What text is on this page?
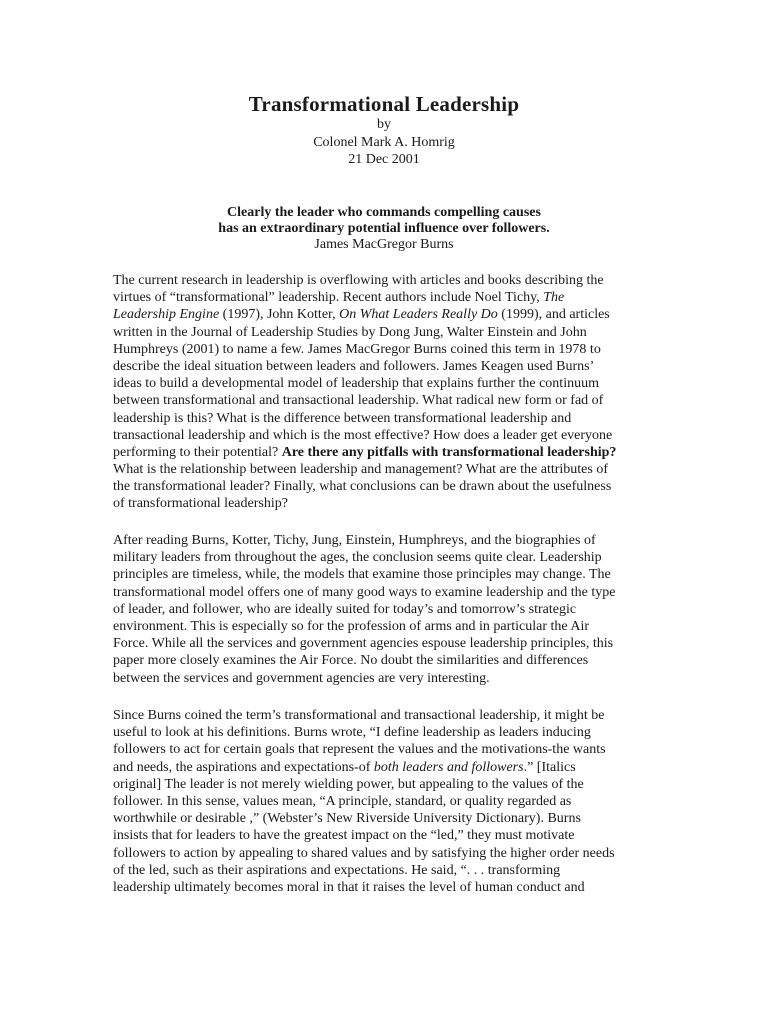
Transformational Leadership
by
Colonel Mark A. Homrig
21 Dec 2001
Clearly the leader who commands compelling causes
has an extraordinary potential influence over followers.
James MacGregor Burns
The current research in leadership is overflowing with articles and books describing the
virtues of “transformational” leadership. Recent authors include Noel Tichy, The
Leadership Engine (1997), John Kotter, On What Leaders Really Do (1999), and articles
written in the Journal of Leadership Studies by Dong Jung, Walter Einstein and John
Humphreys (2001) to name a few. James MacGregor Burns coined this term in 1978 to
describe the ideal situation between leaders and followers. James Keagen used Burns’
ideas to build a developmental model of leadership that explains further the continuum
between transformational and transactional leadership. What radical new form or fad of
leadership is this? What is the difference between transformational leadership and
transactional leadership and which is the most effective? How does a leader get everyone
performing to their potential? Are there any pitfalls with transformational leadership?
What is the relationship between leadership and management? What are the attributes of
the transformational leader? Finally, what conclusions can be drawn about the usefulness
of transformational leadership?
After reading Burns, Kotter, Tichy, Jung, Einstein, Humphreys, and the biographies of
military leaders from throughout the ages, the conclusion seems quite clear. Leadership
principles are timeless, while, the models that examine those principles may change. The
transformational model offers one of many good ways to examine leadership and the type
of leader, and follower, who are ideally suited for today’s and tomorrow’s strategic
environment. This is especially so for the profession of arms and in particular the Air
Force. While all the services and government agencies espouse leadership principles, this
paper more closely examines the Air Force. No doubt the similarities and differences
between the services and government agencies are very interesting.
Since Burns coined the term’s transformational and transactional leadership, it might be
useful to look at his definitions. Burns wrote, “I define leadership as leaders inducing
followers to act for certain goals that represent the values and the motivations-the wants
and needs, the aspirations and expectations-of both leaders and followers.” [Italics
original] The leader is not merely wielding power, but appealing to the values of the
follower. In this sense, values mean, “A principle, standard, or quality regarded as
worthwhile or desirable ,” (Webster’s New Riverside University Dictionary). Burns
insists that for leaders to have the greatest impact on the “led,” they must motivate
followers to action by appealing to shared values and by satisfying the higher order needs
of the led, such as their aspirations and expectations. He said, “. . . transforming
leadership ultimately becomes moral in that it raises the level of human conduct and
